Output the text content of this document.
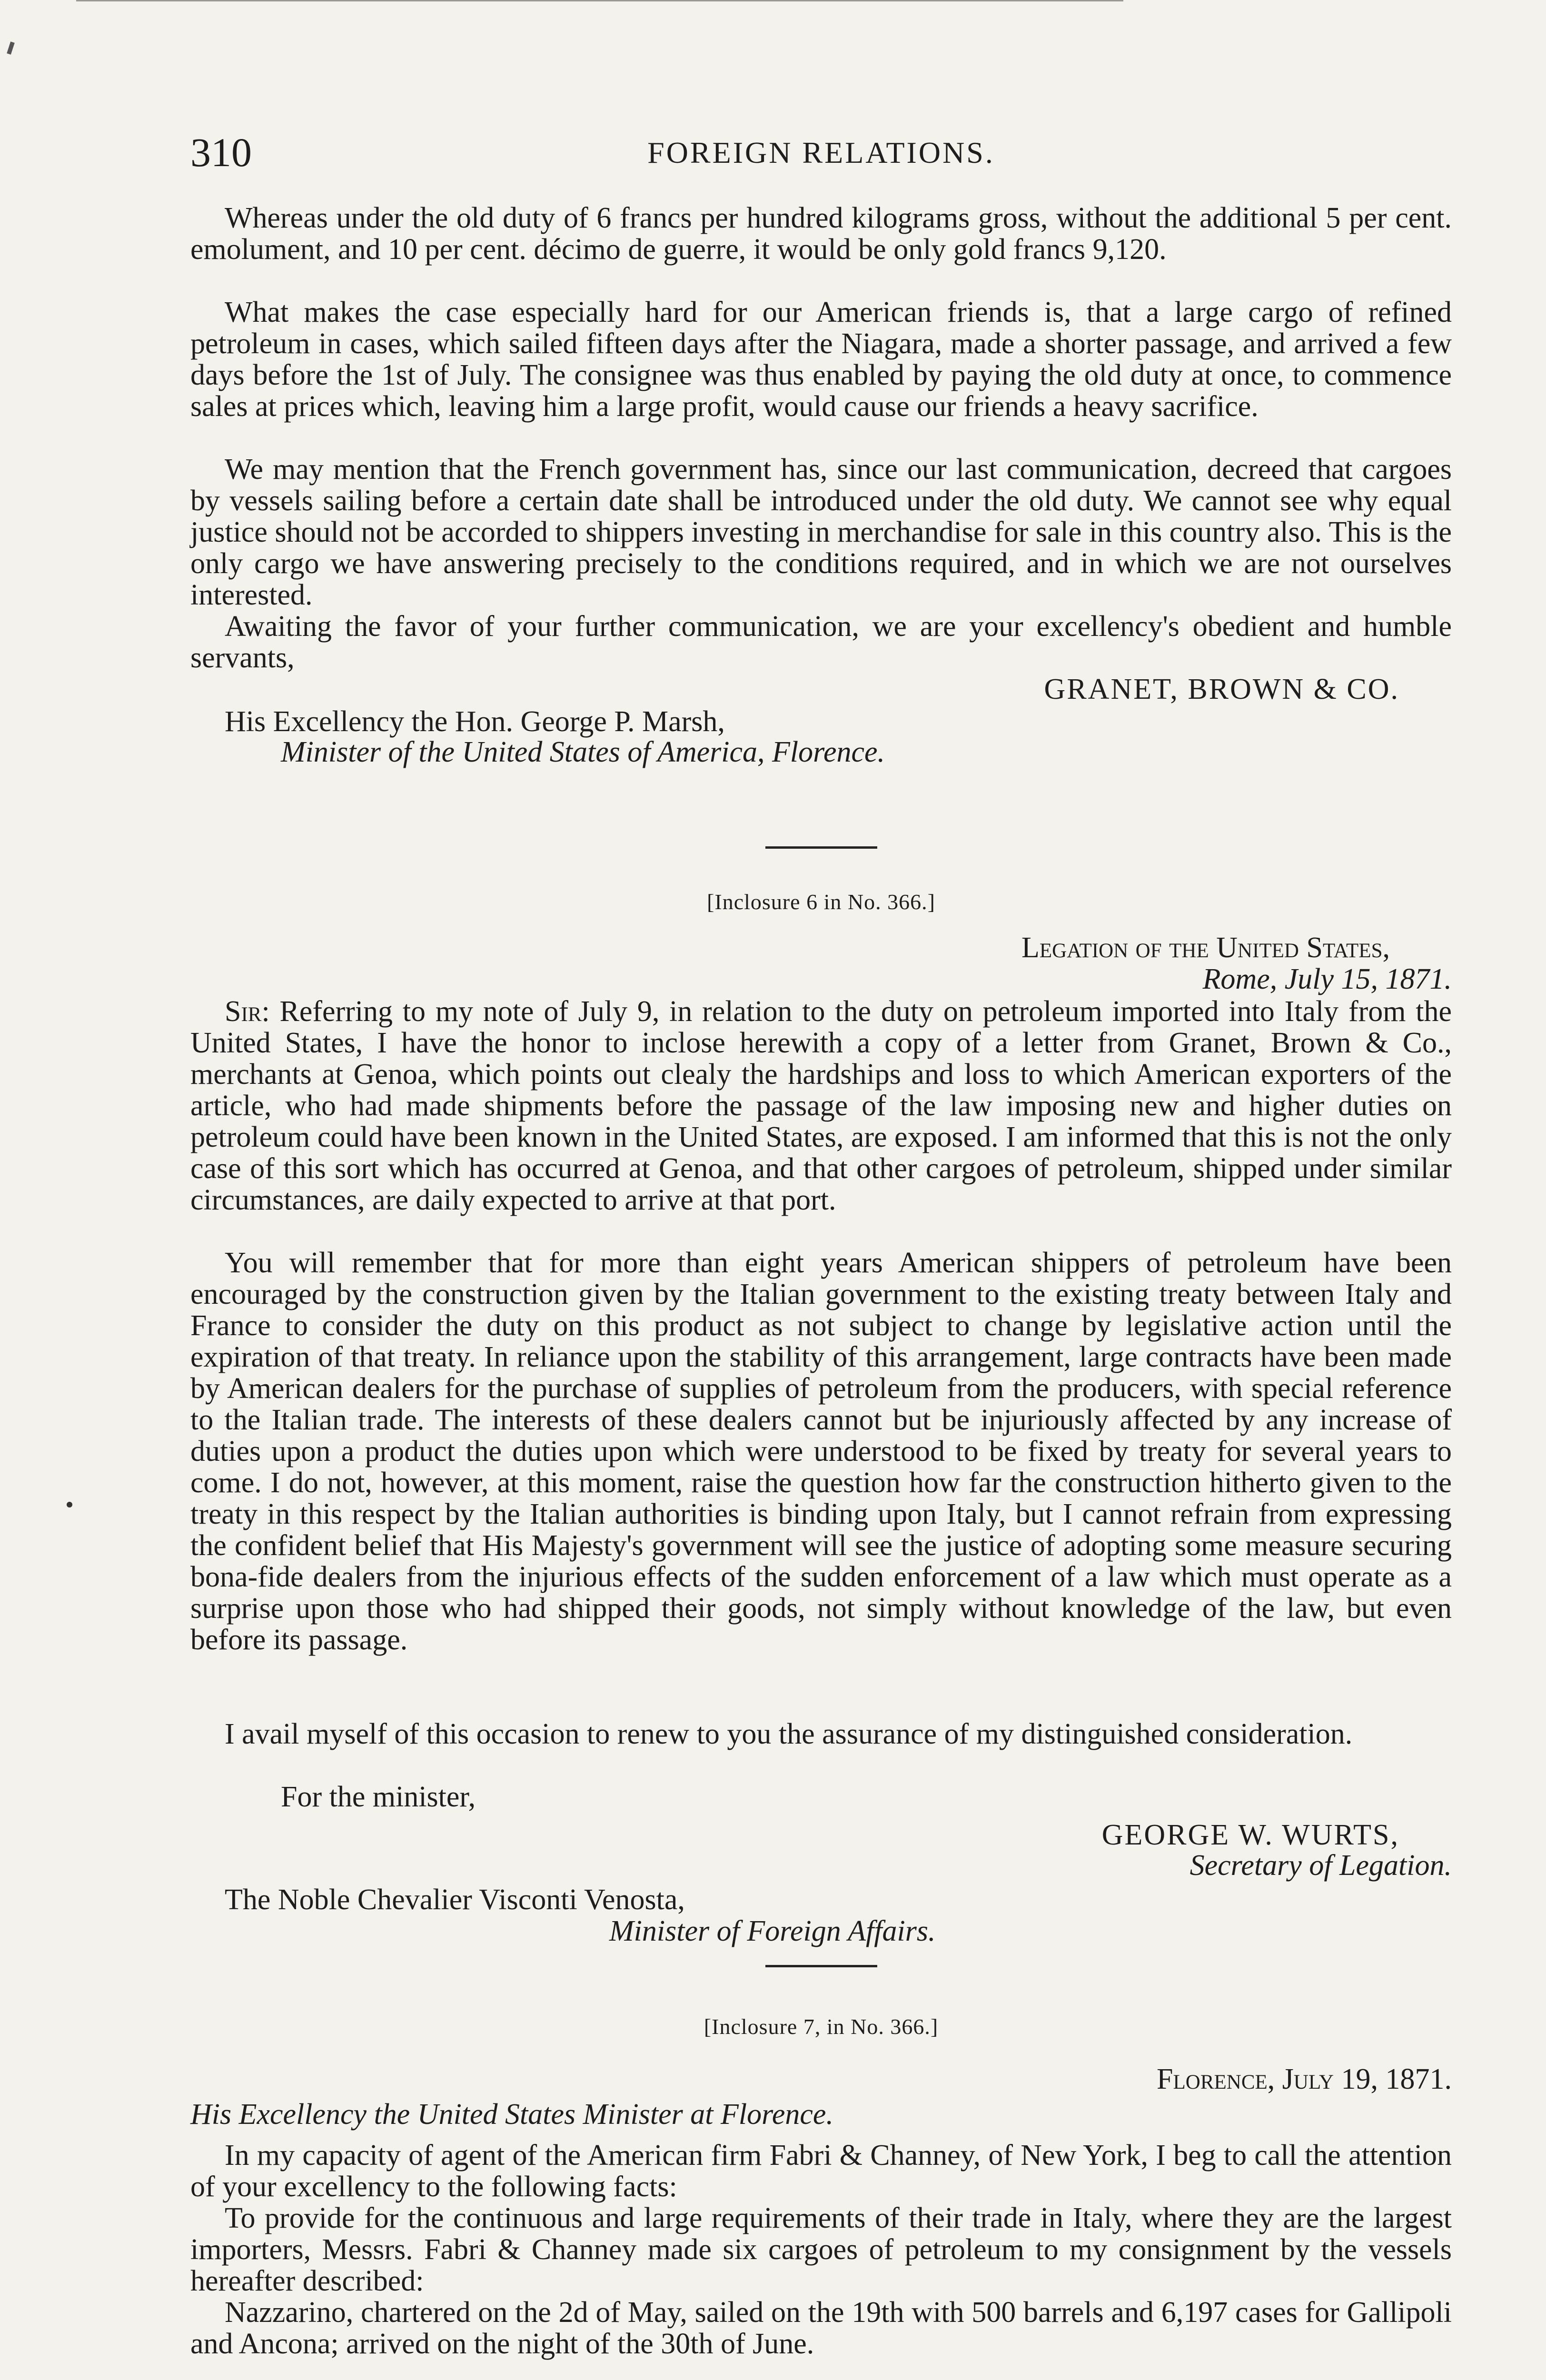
310	FOREIGN RELATIONS.

Whereas under the old duty of 6 francs per hundred kilograms gross, without the additional 5 per cent. emolument, and 10 per cent. décimo de guerre, it would be only gold francs 9,120.

What makes the case especially hard for our American friends is, that a large cargo of refined petroleum in cases, which sailed fifteen days after the Niagara, made a shorter passage, and arrived a few days before the 1st of July. The consignee was thus enabled by paying the old duty at once, to commence sales at prices which, leaving him a large profit, would cause our friends a heavy sacrifice.

We may mention that the French government has, since our last communication, decreed that cargoes by vessels sailing before a certain date shall be introduced under the old duty. We cannot see why equal justice should not be accorded to shippers investing in merchandise for sale in this country also. This is the only cargo we have answering precisely to the conditions required, and in which we are not ourselves interested.

Awaiting the favor of your further communication, we are your excellency's obedient and humble servants,

GRANET, BROWN & CO.

His Excellency the Hon. George P. Marsh,

Minister of the United States of America, Florence.

[Inclosure 6 in No. 366.]

Legation of the United States,

Rome, July 15, 1871.

Sir: Referring to my note of July 9, in relation to the duty on petroleum imported into Italy from the United States, I have the honor to inclose herewith a copy of a letter from Granet, Brown & Co., merchants at Genoa, which points out clealy the hardships and loss to which American exporters of the article, who had made shipments before the passage of the law imposing new and higher duties on petroleum could have been known in the United States, are exposed. I am informed that this is not the only case of this sort which has occurred at Genoa, and that other cargoes of petroleum, shipped under similar circumstances, are daily expected to arrive at that port.

You will remember that for more than eight years American shippers of petroleum have been encouraged by the construction given by the Italian government to the existing treaty between Italy and France to consider the duty on this product as not subject to change by legislative action until the expiration of that treaty. In reliance upon the stability of this arrangement, large contracts have been made by American dealers for the purchase of supplies of petroleum from the producers, with special reference to the Italian trade. The interests of these dealers cannot but be injuriously affected by any increase of duties upon a product the duties upon which were understood to be fixed by treaty for several years to come. I do not, however, at this moment, raise the question how far the construction hitherto given to the treaty in this respect by the Italian authorities is binding upon Italy, but I cannot refrain from expressing the confident belief that His Majesty's government will see the justice of adopting some measure securing bona-fide dealers from the injurious effects of the sudden enforcement of a law which must operate as a surprise upon those who had shipped their goods, not simply without knowledge of the law, but even before its passage.

I avail myself of this occasion to renew to you the assurance of my distinguished consideration.

For the minister,

GEORGE W. WURTS,

Secretary of Legation.

The Noble Chevalier Visconti Venosta,

Minister of Foreign Affairs.

[Inclosure 7, in No. 366.]

Florence, July 19, 1871.

His Excellency the United States Minister at Florence.

In my capacity of agent of the American firm Fabri & Channey, of New York, I beg to call the attention of your excellency to the following facts:

To provide for the continuous and large requirements of their trade in Italy, where they are the largest importers, Messrs. Fabri & Channey made six cargoes of petroleum to my consignment by the vessels hereafter described:

Nazzarino, chartered on the 2d of May, sailed on the 19th with 500 barrels and 6,197 cases for Gallipoli and Ancona; arrived on the night of the 30th of June.
